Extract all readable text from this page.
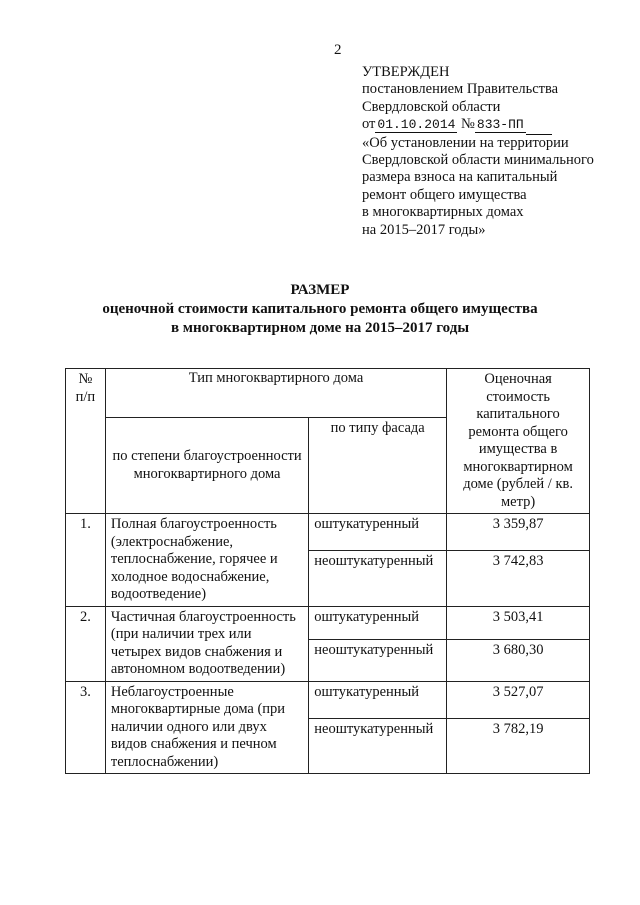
2
УТВЕРЖДЕН
постановлением Правительства
Свердловской области
от 01.10.2014 № 833-ПП
«Об установлении на территории
Свердловской области минимального
размера взноса на капитальный
ремонт общего имущества
в многоквартирных домах
на 2015–2017 годы»
РАЗМЕР
оценочной стоимости капитального ремонта общего имущества
в многоквартирном доме на 2015–2017 годы
№ п/п	Тип многоквартирного дома		Оценочная стоимость капитального ремонта общего имущества в многоквартирном доме (рублей / кв. метр)
	по степени благоустроенности многоквартирного дома	по типу фасада	
1.	Полная благоустроенность (электроснабжение, теплоснабжение, горячее и холодное водоснабжение, водоотведение)	оштукатуренный	3 359,87
		неоштукатуренный	3 742,83
2.	Частичная благоустроенность (при наличии трех или четырех видов снабжения и автономном водоотведении)	оштукатуренный	3 503,41
		неоштукатуренный	3 680,30
3.	Неблагоустроенные многоквартирные дома (при наличии одного или двух видов снабжения и печном теплоснабжении)	оштукатуренный	3 527,07
		неоштукатуренный	3 782,19
